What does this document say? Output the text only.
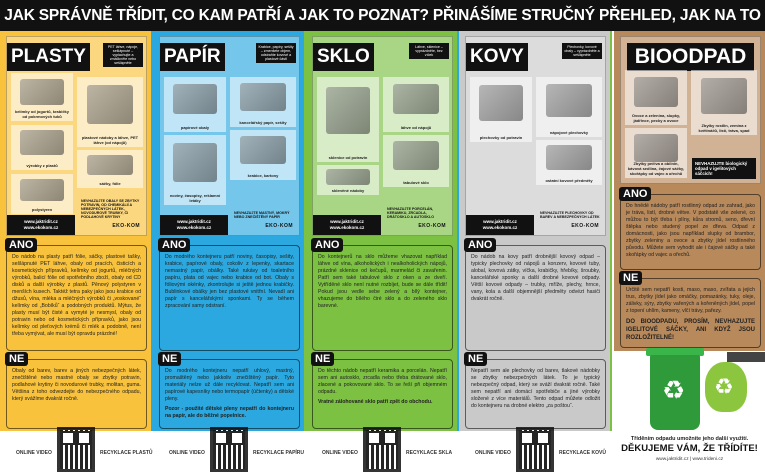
JAK SPRÁVNĚ TŘÍDIT, CO KAM PATŘÍ A JAK TO POZNAT? PŘINÁŠÍME STRUČNÝ PŘEHLED, JAK NA TO
PLASTY	PET láhve, nápoje, sešlápnuté – vyplachujte a zmáčkněte nebo sešlápněte
kelímky od jogurtů, krabičky od pokrmových tuků
plastové nádoby a láhve, PET láhve (od nápojů)
výrobky z plastů
sáčky, fólie
polystyren
NEVHAZUJTE OBALY SE ZBYTKY POTRAVIN, OD CHEMIKÁLIÍ A NEBEZPEČNÝCH LÁTEK, NOVODUROVÉ TRUBKY, ČI PODLAHOVÉ KRYTINY
www.jaktridit.cz
www.ekokom.cz	EKO-KOM
ANO
Do nádob na plasty patří fólie, sáčky, plastové tašky, sešlápnuté PET láhve, obaly od pracích, čisticích a kosmetických přípravků, kelímky od jogurtů, mléčných výrobků, balicí fólie od spotřebního zboží, obaly od CD disků a další výrobky z plastů. Pěnový polystyren v menších kusech. Taktéž tetra paky jako jsou krabice od džusů, vína, mléka a mléčných výrobků či „voskované“ kelímky od „Bobíků“ a podobných produktů. Mýtus, že plasty musí být čisté a vymyté je nesmysl, obaly od potravin nebo od kosmetických přípravků, jako jsou kelímky od pleťových krémů či mlék a podobně, není třeba vymývat, ale musí být opravdu prázdné!
NE
Obaly od barev, barev a jiných nebezpečných látek, znečištěné nebo mastné obaly se zbytky potravin, podlahové krytiny či novodurové trubky, molitan, guma. Většina z toho odvezdejte do nebezpečného odpadu, který svážíme dvakrát ročně.
ONLINE VIDEO	RECYKLACE PLASTŮ
PAPÍR	Krabice, papíry, sešity – zmenšete objem, odstraňte kovové a plastové části
papírové obaly
kancelářský papír, sešity
noviny, časopisy, reklamní letáky
krabice, kartony
NEVHAZUJTE MASTNÝ, MOKRÝ NEBO ZNEČIŠTĚNÝ PAPÍR
www.jaktridit.cz
www.ekokom.cz	EKO-KOM
ANO
Do modrého kontejneru patří noviny, časopisy, sešity, krabice, papírové obaly, cokoliv z lepenky, skartace nemastný papír, obálky. Také rukávy od toaletního papíru, plata od vajec nebo krabice od bot. Obaly s fóliovými okénky, zkontrolujte si ještě jednou krabičky. Bublinkové obálky jen bez plastové vnitřní. Nevadí ani papír s kancelářskými sponkami. Ty se během zpracování samy odstraní.
NE
Do modrého kontejneru nepatří uhlový, mastný, promaštěný nebo jakkoliv znečištěný papír. Tyto materiály nelze už dále recyklovat. Nepatří sem ani papírové kapesníky nebo termopapír (účtenky) a dětské pleny.
Pozor - použité dětské pleny nepatří do kontejneru na papír, ale do běžné popelnice.
ONLINE VIDEO	RECYKLACE PAPÍRU
SKLO	Láhve, sklenice – vyprázdněte, bez víček
láhve od nápojů
sklenice od potravin
skleněné nádoby
tabulové sklo
NEVHAZUJTE PORCELÁN, KERAMIKU, ZRCADLA, DRÁTOSKLO A AUTOSKLO
www.jaktridit.cz
www.ekokom.cz	EKO-KOM
ANO
Do kontejnerů na sklo můžeme vhazovat například láhve od vína, alkoholických i nealkoholických nápojů, prázdné sklenice od kečupů, marmelád či zavařenin. Patří sem také tabulové sklo z oken a ze dveří. Vytříděné sklo není nutné rozbíjet, bude se dále třídit! Pokud jsou vedle sebe zelený a bílý kontejner, vhazujeme do bílého čiré sklo a do zeleného sklo barevné.
NE
Do těchto nádob nepatří keramika a porcelán. Nepatří sem ani autosklo, zrcadla nebo třeba drátované sklo, zlacené a pokovované sklo. To se řeší při objemném odpadu.
Vratné zálohované sklo patří zpět do obchodu.
ONLINE VIDEO	RECYKLACE SKLA
KOVY	Plechovky, kovové obaly – vyprázdněte a sešlápněte
plechovky od potravin
nápojové plechovky
ostatní kovové předměty
NEVHAZUJTE PLECHOVKY OD BAREV A NEBEZPEČNÝCH LÁTEK
www.jaktridit.cz
www.ekokom.cz	EKO-KOM
ANO
Do nádob na kovy patří drobnější kovový odpad – typicky plechovky od nápojů a konzerv, kovové tuby, alobal, kovová zátky, víčka, krabičky, hřebíky, šroubky, kancelářské sponky a další drobné kovové odpady. Větší kovové odpady – trubky, mříže, plechy, hrnce, vany, kola a další objemnější předměty odvézt hasiči dvakrát ročně.
NE
Nepatří sem ale plechovky od barev, tlakové nádobky se zbytky nebezpečných látek. To je typický nebezpečný odpad, který se sváží dvakrát ročně. Také sem nepatří ani domácí spotřebiče a jiné výrobky složené z více materiálů. Tento odpad můžete odložit do kontejneru na drobné elektro „za poštou“.
ONLINE VIDEO	RECYKLACE KOVŮ
BIOODPAD
Ovoce a zelenina, slupky, jádřince, pecky a ovoce
Zbytky rostlin, zemina z květináčů, listí, tráva, spad
Zbytky pečiva a obilnin, kávová sedlina, čajové sáčky, skořápky od vajec a ořechů
NEVHAZUJTE biologický odpad v igelitových sáčcích!
ANO
Do hnědé nádoby patří rostlinný odpad ze zahrad, jako je tráva, listí, drobné větve. V podstatě vše zelené, co můžou to být třeba i plíny, kůra stromů, seno, dřevní štěpka nebo studený popel ze dřeva. Odpad z domácnosti, jako jsou například slupky od brambor, zbytky zeleniny a ovoce a zbytky jídel rostlinného původu. Můžete sem vyhodit ale i čajové sáčky a také skořápky od vajec a ořechů.
NE
Určitě sem nepatří kosti, maso, maso, zvířata a jejich trus, zbytky jídel jako omáčky, pomazánky, tuky, oleje, zálivky, sýry, zbytky vařených a kořeněných jídel, popel z topení uhlím, kameny, vlčí trávy, pařezy.
DO BIOODPADU, PROSÍM, NEVHAZUJTE IGELITOVÉ SÁČKY, ANI KDYŽ JSOU ROZLOŽITELNÉ!
♻ ♻
Tříděním odpadu umožníte jeho další využití.
DĚKUJEME VÁM, ŽE TŘÍDÍTE!
www.jaktridit.cz | www.trideni.cz
